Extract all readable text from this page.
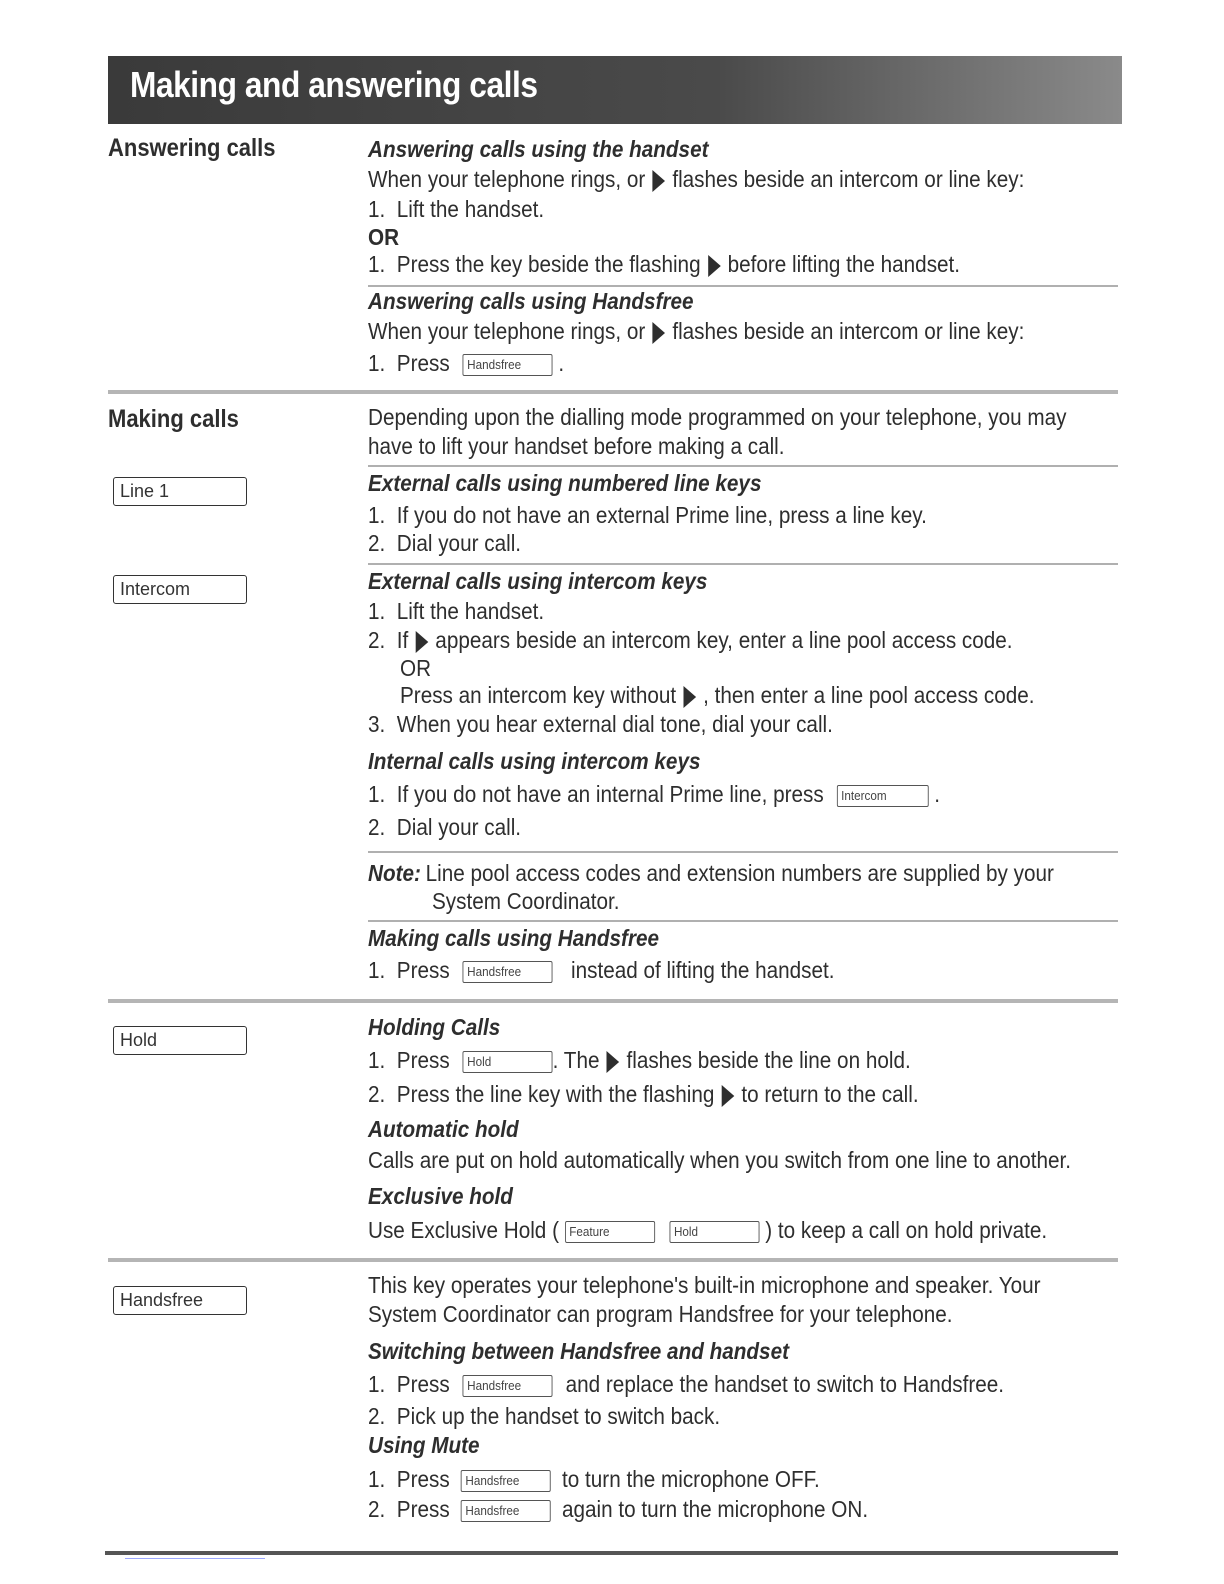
Making and answering calls
Answering calls	Answering calls using the handset
When your telephone rings, or flashes beside an intercom or line key:
1. Lift the handset.
OR
1. Press the key beside the flashing before lifting the handset.
Answering calls using Handsfree
When your telephone rings, or flashes beside an intercom or line key:
1. Press Handsfree .
Making calls
Line 1
Intercom
Depending upon the dialling mode programmed on your telephone, you may
have to lift your handset before making a call.
External calls using numbered line keys
1. If you do not have an external Prime line, press a line key.
2. Dial your call.
External calls using intercom keys
1. Lift the handset.
2. If appears beside an intercom key, enter a line pool access code.
OR
Press an intercom key without , then enter a line pool access code.
3. When you hear external dial tone, dial your call.
Internal calls using intercom keys
1. If you do not have an internal Prime line, press Intercom .
2. Dial your call.
Note: Line pool access codes and extension numbers are supplied by your
System Coordinator.
Making calls using Handsfree
1. Press Handsfree instead of lifting the handset.
Hold	Holding Calls
1. Press Hold	. The flashes beside the line on hold.
2. Press the line key with the flashing to return to the call.
Automatic hold
Calls are put on hold automatically when you switch from one line to another.
Exclusive hold
Use Exclusive Hold ( Feature	Hold	) to keep a call on hold private.
Handsfree
This key operates your telephone's built-in microphone and speaker. Your
System Coordinator can program Handsfree for your telephone.
Switching between Handsfree and handset
1. Press Handsfree and replace the handset to switch to Handsfree.
2. Pick up the handset to switch back.
Using Mute
1. Press Handsfree to turn the microphone OFF.
2. Press Handsfree again to turn the microphone ON.
